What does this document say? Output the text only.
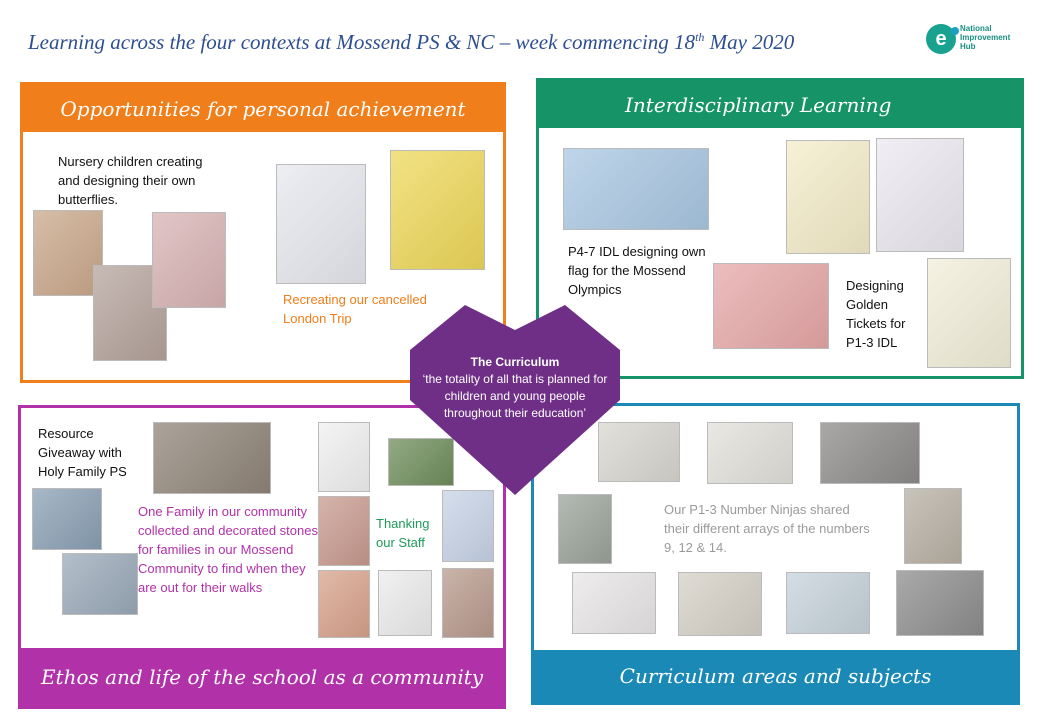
Learning across the four contexts at Mossend PS & NC – week commencing 18th May 2020	e	National
Improvement
Hub
Opportunities for personal achievement
Nursery children creating and designing their own butterflies.
Recreating our cancelled London Trip
Interdisciplinary Learning
P4-7 IDL designing own flag for the Mossend Olympics	Designing Golden Tickets for P1-3 IDL
Ethos and life of the school as a community
Resource Giveaway with Holy Family PS
One Family in our community collected and decorated stones for families in our Mossend Community to find when they are out for their walks
Thanking our Staff
Curriculum areas and subjects
Our P1-3 Number Ninjas shared their different arrays of the numbers 9, 12 & 14.
The Curriculum
‘the totality of all that is planned for children and young people throughout their education’
